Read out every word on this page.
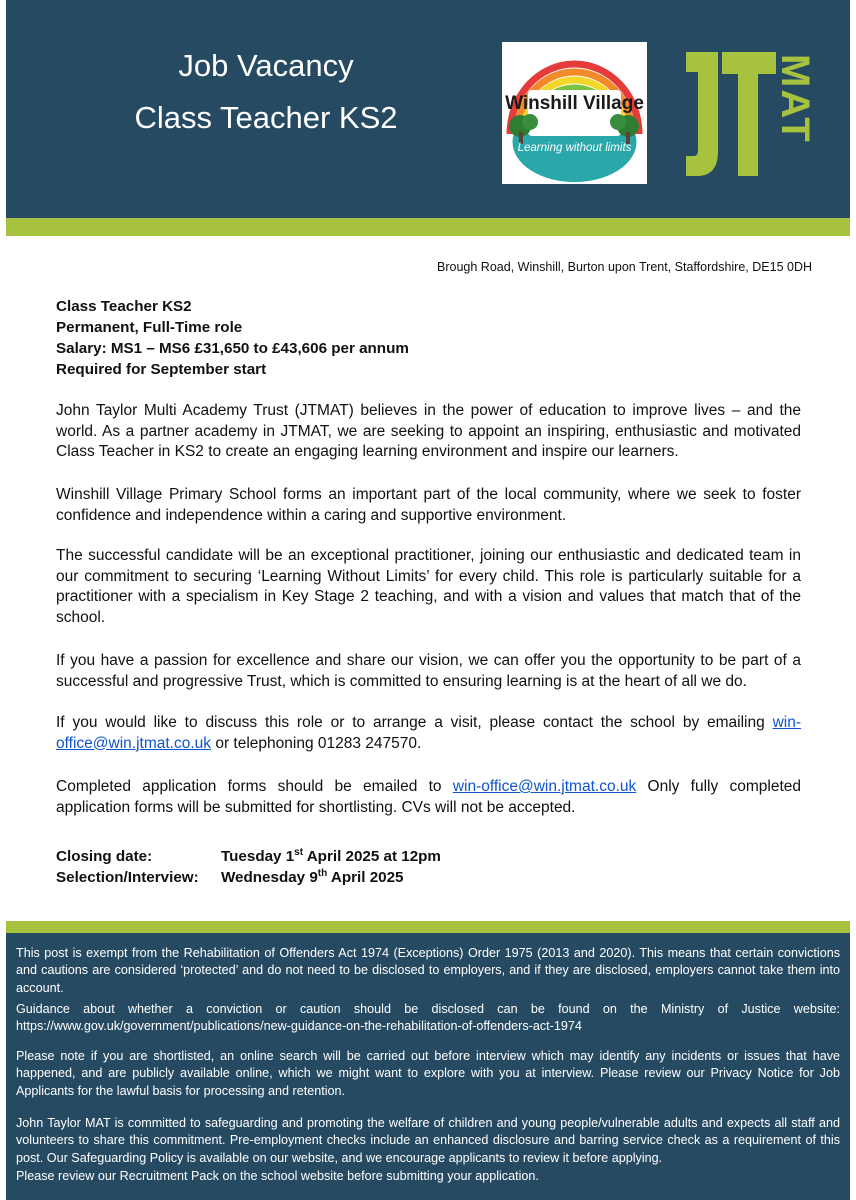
Job Vacancy
Class Teacher KS2	Winshill Village
Learning without limits
MAT
Brough Road, Winshill, Burton upon Trent, Staffordshire, DE15 0DH
Class Teacher KS2
Permanent, Full-Time role
Salary: MS1 – MS6 £31,650 to £43,606 per annum
Required for September start
John Taylor Multi Academy Trust (JTMAT) believes in the power of education to improve lives – and the world. As a partner academy in JTMAT, we are seeking to appoint an inspiring, enthusiastic and motivated Class Teacher in KS2 to create an engaging learning environment and inspire our learners.
Winshill Village Primary School forms an important part of the local community, where we seek to foster confidence and independence within a caring and supportive environment.
The successful candidate will be an exceptional practitioner, joining our enthusiastic and dedicated team in our commitment to securing ‘Learning Without Limits’ for every child. This role is particularly suitable for a practitioner with a specialism in Key Stage 2 teaching, and with a vision and values that match that of the school.
If you have a passion for excellence and share our vision, we can offer you the opportunity to be part of a successful and progressive Trust, which is committed to ensuring learning is at the heart of all we do.
If you would like to discuss this role or to arrange a visit, please contact the school by emailing win-office@win.jtmat.co.uk or telephoning 01283 247570.
Completed application forms should be emailed to win-office@win.jtmat.co.uk Only fully completed application forms will be submitted for shortlisting. CVs will not be accepted.
Closing date:	Tuesday 1st April 2025 at 12pm
Selection/Interview:	Wednesday 9th April 2025
This post is exempt from the Rehabilitation of Offenders Act 1974 (Exceptions) Order 1975 (2013 and 2020). This means that certain convictions and cautions are considered ‘protected’ and do not need to be disclosed to employers, and if they are disclosed, employers cannot take them into account.
Guidance about whether a conviction or caution should be disclosed can be found on the Ministry of Justice website: https://www.gov.uk/government/publications/new-guidance-on-the-rehabilitation-of-offenders-act-1974
Please note if you are shortlisted, an online search will be carried out before interview which may identify any incidents or issues that have happened, and are publicly available online, which we might want to explore with you at interview. Please review our Privacy Notice for Job Applicants for the lawful basis for processing and retention.
John Taylor MAT is committed to safeguarding and promoting the welfare of children and young people/vulnerable adults and expects all staff and volunteers to share this commitment. Pre-employment checks include an enhanced disclosure and barring service check as a requirement of this post. Our Safeguarding Policy is available on our website, and we encourage applicants to review it before applying.
Please review our Recruitment Pack on the school website before submitting your application.
